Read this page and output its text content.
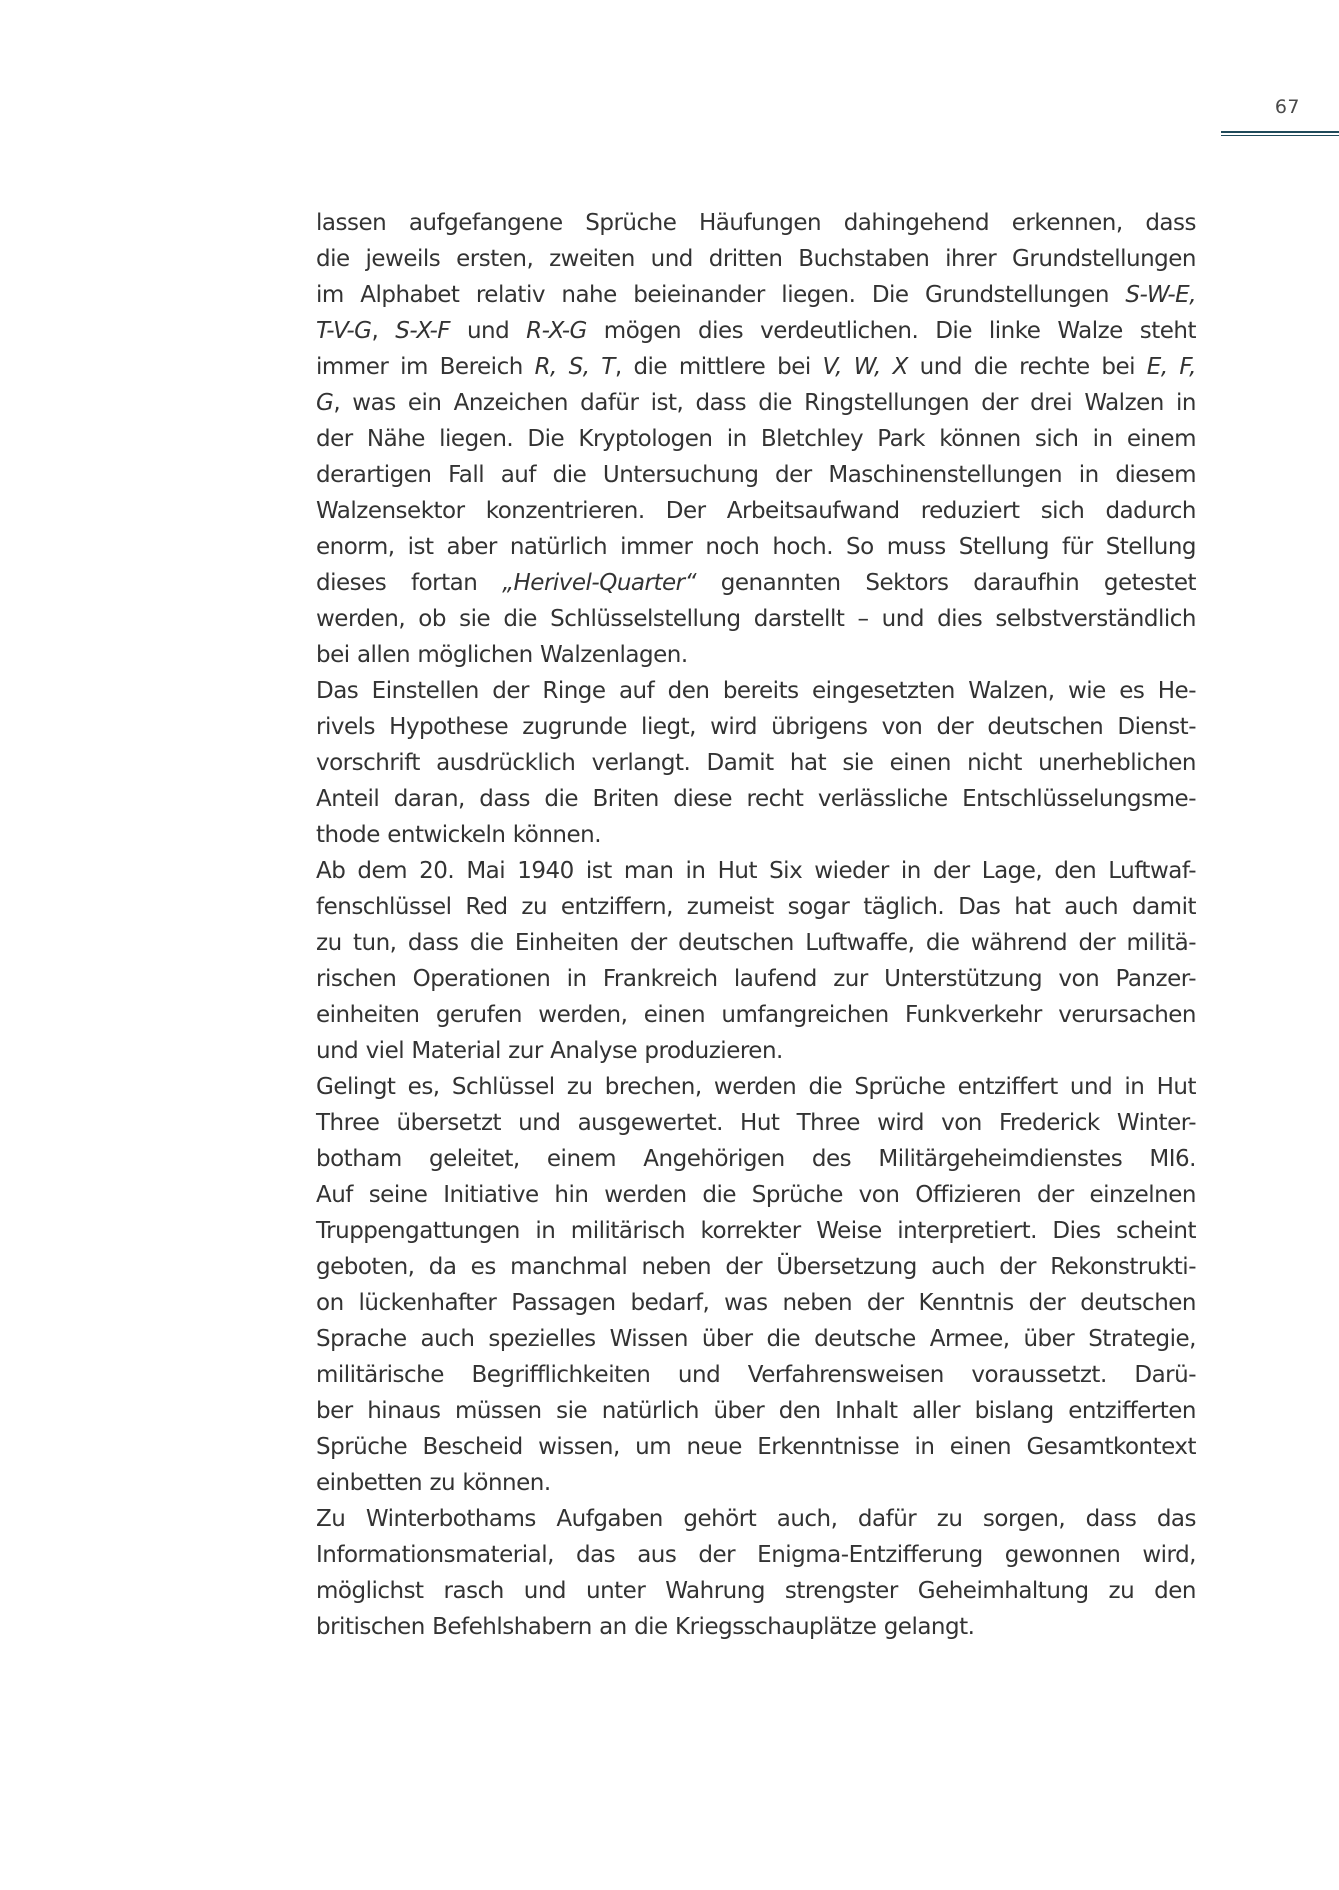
67
lassen aufgefangene Sprüche Häufungen dahingehend erkennen, dass
die jeweils ersten, zweiten und dritten Buchstaben ihrer Grundstellungen
im Alphabet relativ nahe beieinander liegen. Die Grundstellungen S-W-E,
T-V-G, S-X-F und R-X-G mögen dies verdeutlichen. Die linke Walze steht
immer im Bereich R, S, T, die mittlere bei V, W, X und die rechte bei E, F,
G, was ein Anzeichen dafür ist, dass die Ringstellungen der drei Walzen in
der Nähe liegen. Die Kryptologen in Bletchley Park können sich in einem
derartigen Fall auf die Untersuchung der Maschinenstellungen in diesem
Walzensektor konzentrieren. Der Arbeitsaufwand reduziert sich dadurch
enorm, ist aber natürlich immer noch hoch. So muss Stellung für Stellung
dieses fortan „Herivel-Quarter“ genannten Sektors daraufhin getestet
werden, ob sie die Schlüsselstellung darstellt – und dies selbstverständlich
bei allen möglichen Walzenlagen.
Das Einstellen der Ringe auf den bereits eingesetzten Walzen, wie es He-
rivels Hypothese zugrunde liegt, wird übrigens von der deutschen Dienst-
vorschrift ausdrücklich verlangt. Damit hat sie einen nicht unerheblichen
Anteil daran, dass die Briten diese recht verlässliche Entschlüsselungsme-
thode entwickeln können.
Ab dem 20. Mai 1940 ist man in Hut Six wieder in der Lage, den Luftwaf-
fenschlüssel Red zu entziffern, zumeist sogar täglich. Das hat auch damit
zu tun, dass die Einheiten der deutschen Luftwaffe, die während der militä-
rischen Operationen in Frankreich laufend zur Unterstützung von Panzer-
einheiten gerufen werden, einen umfangreichen Funkverkehr verursachen
und viel Material zur Analyse produzieren.
Gelingt es, Schlüssel zu brechen, werden die Sprüche entziffert und in Hut
Three übersetzt und ausgewertet. Hut Three wird von Frederick Winter-
botham geleitet, einem Angehörigen des Militärgeheimdienstes MI6.
Auf seine Initiative hin werden die Sprüche von Offizieren der einzelnen
Truppengattungen in militärisch korrekter Weise interpretiert. Dies scheint
geboten, da es manchmal neben der Übersetzung auch der Rekonstrukti-
on lückenhafter Passagen bedarf, was neben der Kenntnis der deutschen
Sprache auch spezielles Wissen über die deutsche Armee, über Strategie,
militärische Begrifflichkeiten und Verfahrensweisen voraussetzt. Darü-
ber hinaus müssen sie natürlich über den Inhalt aller bislang entzifferten
Sprüche Bescheid wissen, um neue Erkenntnisse in einen Gesamtkontext
einbetten zu können.
Zu Winterbothams Aufgaben gehört auch, dafür zu sorgen, dass das
Informationsmaterial, das aus der Enigma-Entzifferung gewonnen wird,
möglichst rasch und unter Wahrung strengster Geheimhaltung zu den
britischen Befehlshabern an die Kriegsschauplätze gelangt.
